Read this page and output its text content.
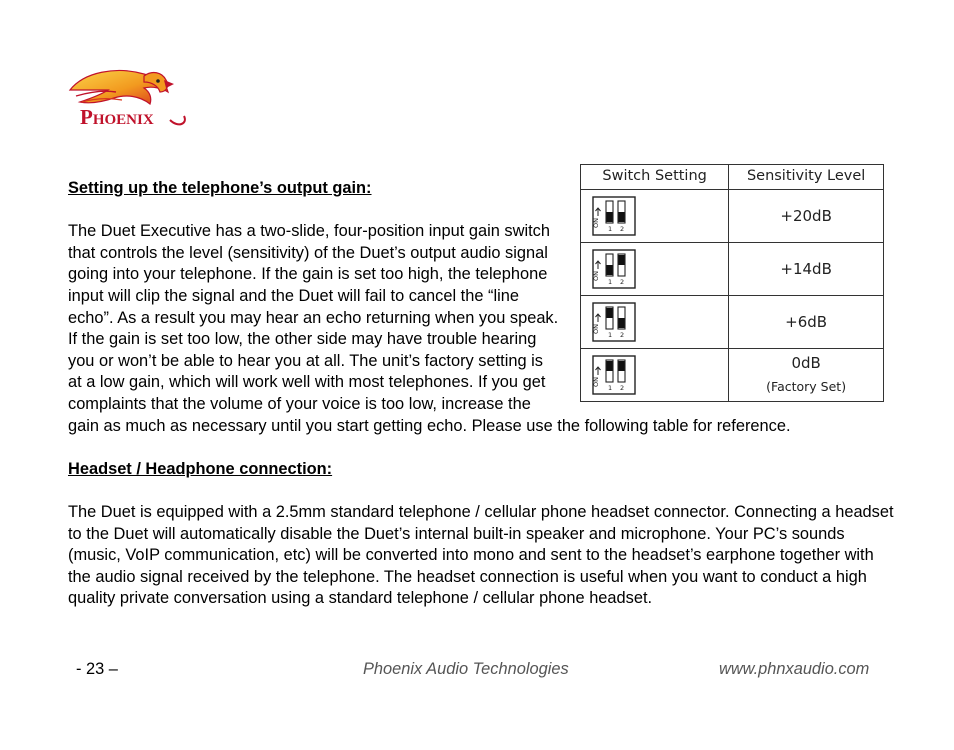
PHOENIX
Switch Setting	Sensitivity Level

ON
1 2	+20dB

ON
1 2	+14dB

ON
1 2	+6dB

ON
1 2	0dB
(Factory Set)
Setting up the telephone’s output gain:

The Duet Executive has a two-slide, four-position input gain switch that controls the level (sensitivity) of the Duet’s output audio signal going into your telephone. If the gain is set too high, the telephone input will clip the signal and the Duet will fail to cancel the “line echo”. As a result you may hear an echo returning when you speak. If the gain is set too low, the other side may have trouble hearing you or won’t be able to hear you at all. The unit’s factory setting is at a low gain, which will work well with most telephones. If you get complaints that the volume of your voice is too low, increase the gain as much as necessary until you start getting echo. Please use the following table for reference.

Headset / Headphone connection:

The Duet is equipped with a 2.5mm standard telephone / cellular phone headset connector. Connecting a headset to the Duet will automatically disable the Duet’s internal built-in speaker and microphone. Your PC’s sounds (music, VoIP communication, etc) will be converted into mono and sent to the headset’s earphone together with the audio signal received by the telephone. The headset connection is useful when you want to conduct a high quality private conversation using a standard telephone / cellular phone headset.

- 23 –	Phoenix Audio Technologies	www.phnxaudio.com
